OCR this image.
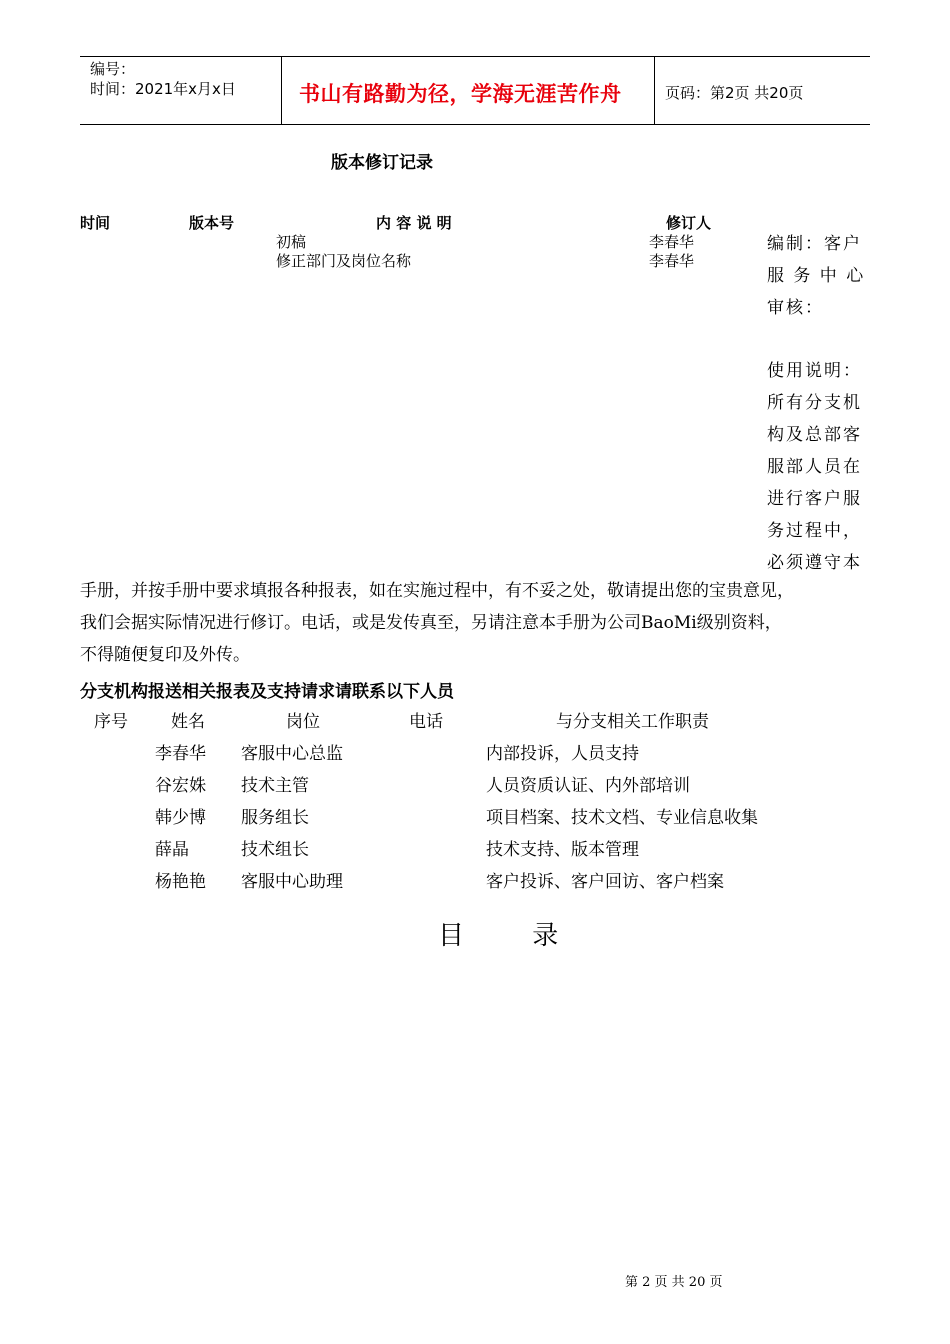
编号：
时间：2021年x月x日	书山有路勤为径，学海无涯苦作舟	页码：第2页 共20页
版本修订记录
时间	版本号	内 容 说 明	修订人
初稿	李春华
修正部门及岗位名称	李春华
编制：客户
服 务 中 心
审核：
使用说明：
所有分支机
构及总部客
服部人员在
进行客户服
务过程中，
必须遵守本
手册，并按手册中要求填报各种报表，如在实施过程中，有不妥之处，敬请提出您的宝贵意见，
我们会据实际情况进行修订。电话，或是发传真至，另请注意本手册为公司BaoMi级别资料，
不得随便复印及外传。
分支机构报送相关报表及支持请求请联系以下人员
序号	姓名	岗位	电话	与分支相关工作职责
李春华 客服中心总监	内部投诉，人员支持
谷宏姝 技术主管	人员资质认证、内外部培训
韩少博 服务组长	项目档案、技术文档、专业信息收集
薛晶	技术组长	技术支持、版本管理
杨艳艳 客服中心助理	客户投诉、客户回访、客户档案
目 录
第 2 页 共 20 页
